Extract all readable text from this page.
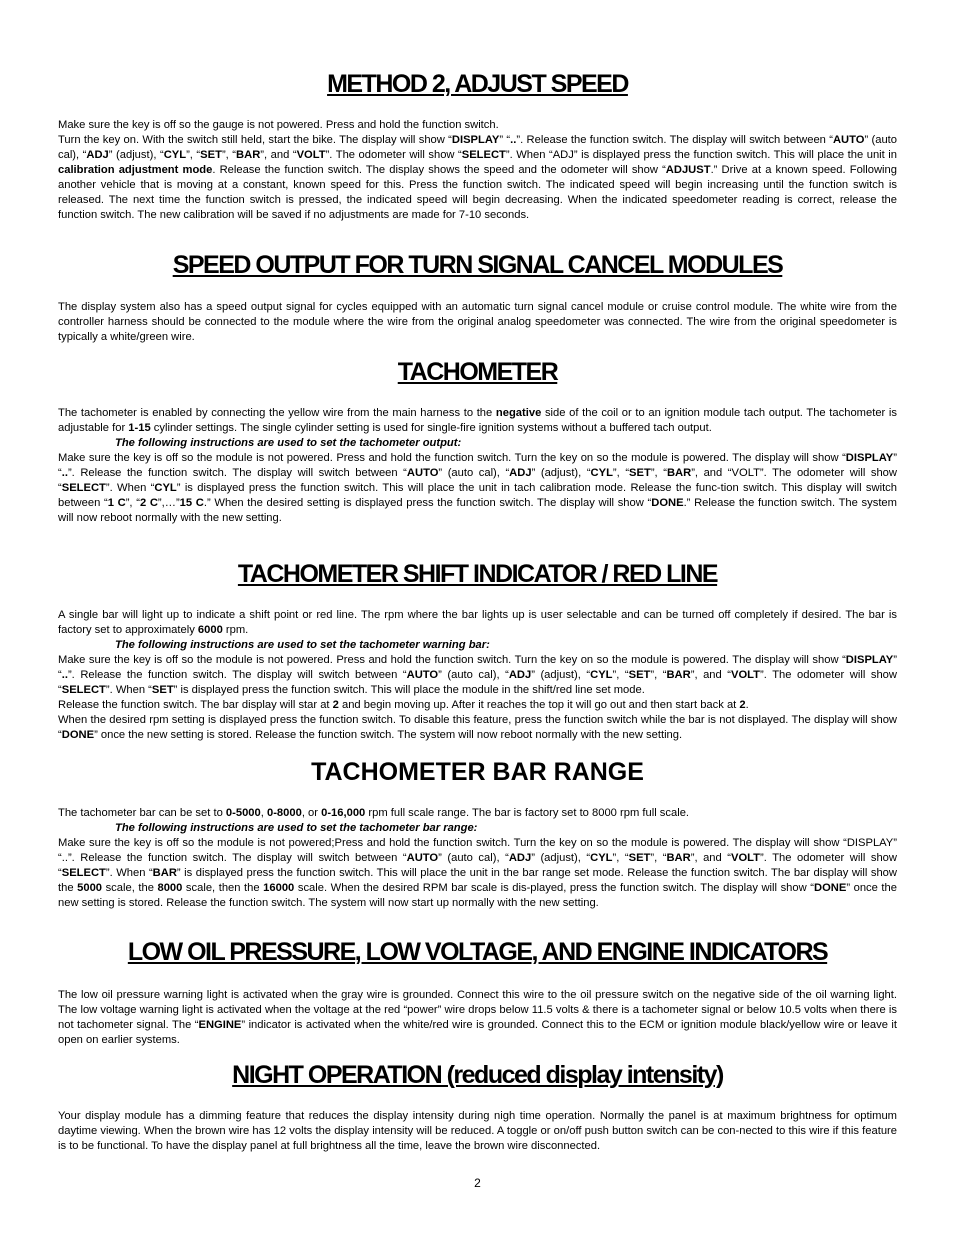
METHOD 2, ADJUST SPEED

Make sure the key is off so the gauge is not powered. Press and hold the function switch.

Turn the key on. With the switch still held, start the bike. The display will show “DISPLAY” “..”. Release the function switch. The display will switch between “AUTO” (auto cal), “ADJ” (adjust), “CYL”, “SET”, “BAR”, and “VOLT”. The odometer will show “SELECT”. When “ADJ” is displayed press the function switch. This will place the unit in calibration adjustment mode. Release the function switch. The display shows the speed and the odometer will show “ADJUST.” Drive at a known speed. Following another vehicle that is moving at a constant, known speed for this. Press the function switch. The indicated speed will begin increasing until the function switch is released. The next time the function switch is pressed, the indicated speed will begin decreasing. When the indicated speedometer reading is correct, release the function switch. The new calibration will be saved if no adjustments are made for 7-10 seconds.

SPEED OUTPUT FOR TURN SIGNAL CANCEL MODULES

The display system also has a speed output signal for cycles equipped with an automatic turn signal cancel module or cruise control module. The white wire from the controller harness should be connected to the module where the wire from the original analog speedometer was connected. The wire from the original speedometer is typically a white/green wire.

TACHOMETER

The tachometer is enabled by connecting the yellow wire from the main harness to the negative side of the coil or to an ignition module tach output. The tachometer is adjustable for 1-15 cylinder settings. The single cylinder setting is used for single-fire ignition systems without a buffered tach output.

The following instructions are used to set the tachometer output:

Make sure the key is off so the module is not powered. Press and hold the function switch. Turn the key on so the module is powered. The display will show “DISPLAY” “..”. Release the function switch. The display will switch between “AUTO” (auto cal), “ADJ” (adjust), “CYL”, “SET”, “BAR”, and “VOLT”. The odometer will show “SELECT”. When “CYL” is displayed press the function switch. This will place the unit in tach calibration mode. Release the func-tion switch. This display will switch between “1 C”, “2 C”,…”15 C.” When the desired setting is displayed press the function switch. The display will show “DONE.” Release the function switch. The system will now reboot normally with the new setting.

TACHOMETER SHIFT INDICATOR / RED LINE

A single bar will light up to indicate a shift point or red line. The rpm where the bar lights up is user selectable and can be turned off completely if desired. The bar is factory set to approximately 6000 rpm.

The following instructions are used to set the tachometer warning bar:

Make sure the key is off so the module is not powered. Press and hold the function switch. Turn the key on so the module is powered. The display will show “DISPLAY” “..”. Release the function switch. The display will switch between “AUTO” (auto cal), “ADJ” (adjust), “CYL”, “SET”, “BAR”, and “VOLT”. The odometer will show “SELECT”. When “SET” is displayed press the function switch. This will place the module in the shift/red line set mode.
Release the function switch. The bar display will star at 2 and begin moving up. After it reaches the top it will go out and then start back at 2.
When the desired rpm setting is displayed press the function switch. To disable this feature, press the function switch while the bar is not displayed. The display will show “DONE” once the new setting is stored. Release the function switch. The system will now reboot normally with the new setting.

TACHOMETER BAR RANGE

The tachometer bar can be set to 0-5000, 0-8000, or 0-16,000 rpm full scale range. The bar is factory set to 8000 rpm full scale.

The following instructions are used to set the tachometer bar range:

Make sure the key is off so the module is not powered;Press and hold the function switch. Turn the key on so the module is powered. The display will show “DISPLAY” “..”. Release the function switch. The display will switch between “AUTO” (auto cal), “ADJ” (adjust), “CYL”, “SET”, “BAR”, and “VOLT”. The odometer will show “SELECT”. When “BAR” is displayed press the function switch. This will place the unit in the bar range set mode. Release the function switch. The bar display will show the 5000 scale, the 8000 scale, then the 16000 scale. When the desired RPM bar scale is dis-played, press the function switch. The display will show “DONE” once the new setting is stored. Release the function switch. The system will now start up normally with the new setting.

LOW OIL PRESSURE, LOW VOLTAGE, AND ENGINE INDICATORS

The low oil pressure warning light is activated when the gray wire is grounded. Connect this wire to the oil pressure switch on the negative side of the oil warning light. The low voltage warning light is activated when the voltage at the red “power” wire drops below 11.5 volts & there is a tachometer signal or below 10.5 volts when there is not tachometer signal. The “ENGINE” indicator is activated when the white/red wire is grounded. Connect this to the ECM or ignition module black/yellow wire or leave it open on earlier systems.

NIGHT OPERATION (reduced display intensity)

Your display module has a dimming feature that reduces the display intensity during nigh time operation. Normally the panel is at maximum brightness for optimum daytime viewing. When the brown wire has 12 volts the display intensity will be reduced. A toggle or on/off push button switch can be con-nected to this wire if this feature is to be functional. To have the display panel at full brightness all the time, leave the brown wire disconnected.

2
